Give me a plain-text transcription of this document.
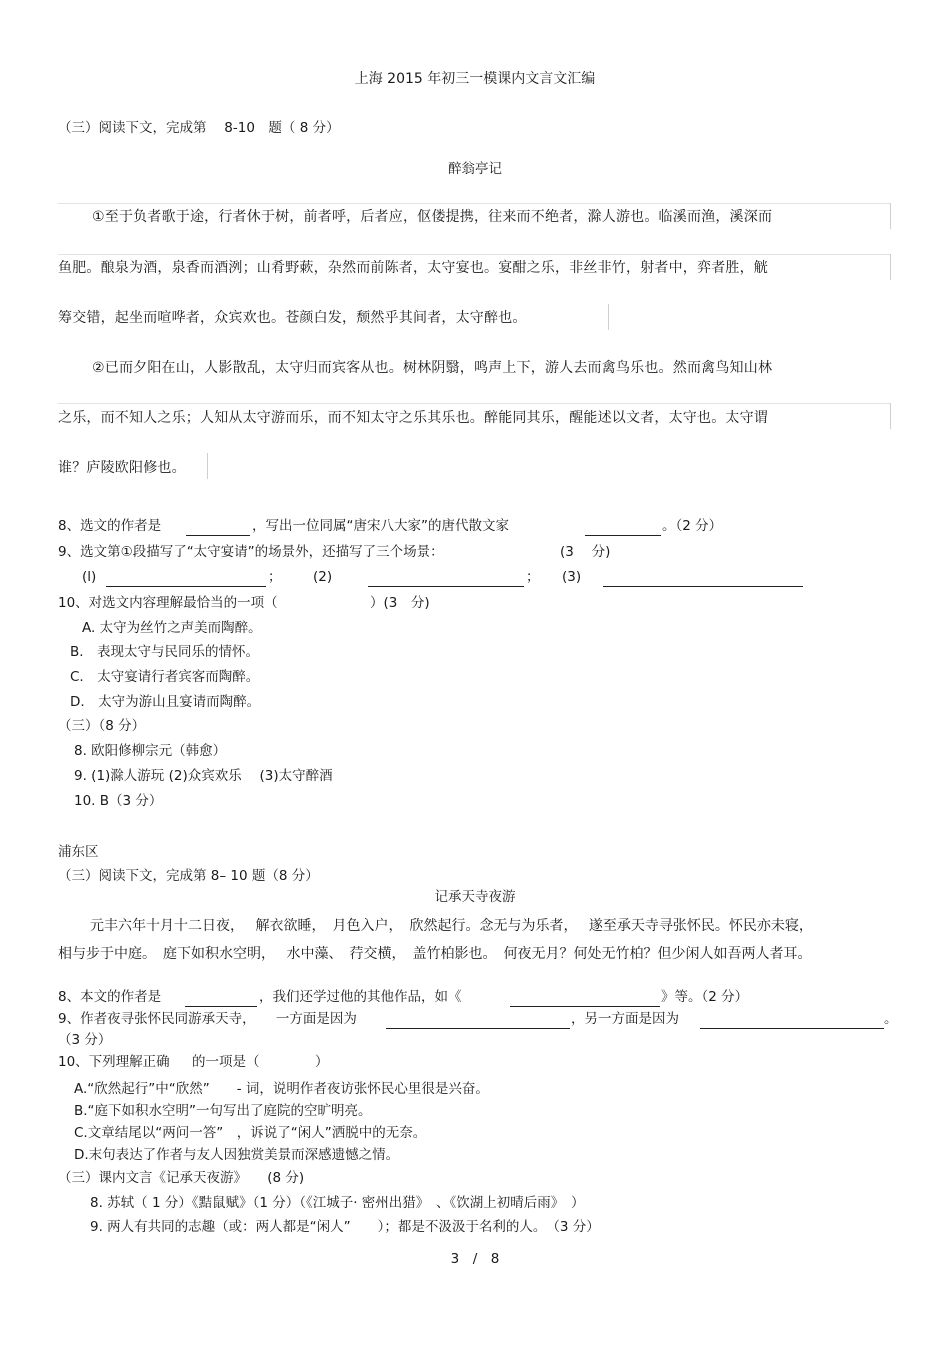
上海 2015 年初三一模课内文言文汇编
（三）阅读下文，完成第　 8-10　题（ 8 分）
醉翁亭记
①至于负者歌于途，行者休于树，前者呼，后者应，伛偻提携，往来而不绝者，滁人游也。临溪而渔，溪深而
鱼肥。酿泉为酒，泉香而酒洌；山肴野蔌，杂然而前陈者，太守宴也。宴酣之乐，非丝非竹，射者中，弈者胜，觥
筹交错，起坐而喧哗者，众宾欢也。苍颜白发，颓然乎其间者，太守醉也。
②已而夕阳在山，人影散乱，太守归而宾客从也。树林阴翳，鸣声上下，游人去而禽鸟乐也。然而禽鸟知山林
之乐，而不知人之乐；人知从太守游而乐，而不知太守之乐其乐也。醉能同其乐，醒能述以文者，太守也。太守谓
谁？庐陵欧阳修也。
8、选文的作者是	，写出一位同属“唐宋八大家”的唐代散文家	。（2 分）
9、选文第①段描写了“太守宴请”的场景外，还描写了三个场景：	(3　 分)
(l)	； (2)	； (3)
10、对选文内容理解最恰当的一项（	）(3　分)
A. 太守为丝竹之声美而陶醉。
B.　表现太守与民同乐的情怀。
C.　太守宴请行者宾客而陶醉。
D.　太守为游山且宴请而陶醉。
（三）（8 分）
8. 欧阳修柳宗元（韩愈）
9. (1)滁人游玩 (2)众宾欢乐　 (3)太守醉酒
10. B（3 分）
浦东区
（三）阅读下文，完成第 8– 10 题（8 分）
记承天寺夜游
元丰六年十月十二日夜，　 解衣欲睡，　月色入户，　欣然起行。念无与为乐者，　 遂至承天寺寻张怀民。怀民亦未寝，
相与步于中庭。　庭下如积水空明，　 水中藻、　荇交横，　盖竹柏影也。　何夜无月？何处无竹柏？但少闲人如吾两人者耳。
8、本文的作者是	，我们还学过他的其他作品，如《	》等。（2 分）
9、作者夜寻张怀民同游承天寺，　　一方面是因为	，另一方面是因为	。
（3 分）
10、下列理解正确 的一项是（	）
A.“欣然起行”中“欣然”　　- 词，说明作者夜访张怀民心里很是兴奋。
B.“庭下如积水空明”一句写出了庭院的空旷明亮。
C.文章结尾以“两问一答”　，诉说了“闲人”洒脱中的无奈。
D.末句表达了作者与友人因独赏美景而深感遗憾之情。
（三）课内文言《记承天夜游》　　(8 分)
8. 苏轼（ 1 分）《黠鼠赋》（1 分）（《江城子· 密州出猎》　、《饮湖上初晴后雨》　）
9. 两人有共同的志趣（或：两人都是“闲人”　　）；都是不汲汲于名利的人。　（3 分）
3　/　8
